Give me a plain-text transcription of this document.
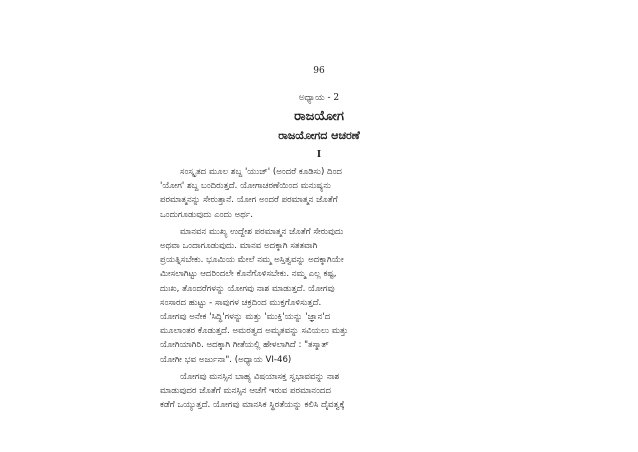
96
ಅಧ್ಯಾಯ - 2
ರಾಜಯೋಗ
ರಾಜಯೋಗದ ಆಚರಣೆ
I

ಸಂಸ್ಕೃತದ ಮೂಲ ಶಬ್ದ 'ಯುಜ್' (ಅಂದರೆ ಕೂಡಿಸು) ದಿಂದ
'ಯೋಗ' ಶಬ್ದ ಬಂದಿರುತ್ತದೆ. ಯೋಗಾಚರಣೆಯಿಂದ ಮನುಷ್ಯನು
ಪರಮಾತ್ಮನನ್ನು ಸೇರುತ್ತಾನೆ. ಯೋಗ ಅಂದರೆ ಪರಮಾತ್ಮನ ಜೊತೆಗೆ
ಒಂದುಗೂಡುವುದು ಎಂದು ಅರ್ಥ.

ಮಾನವನ ಮುಖ್ಯ ಉದ್ದೇಶ ಪರಮಾತ್ಮನ ಜೊತೆಗೆ ಸೇರುವುದು
ಅಥವಾ ಒಂದಾಗೂಡುವುದು. ಮಾನವ ಅದಕ್ಕಾಗಿ ಸತತವಾಗಿ
ಪ್ರಯತ್ನಿಸಬೇಕು. ಭೂಮಿಯ ಮೇಲೆ ನಮ್ಮ ಅಸ್ತಿತ್ವವನ್ನು ಅದಕ್ಕಾಗಿಯೇ
ಮೀಸಲಾಗಿಟ್ಟು ಆದರಿಂದಲೇ ಕೊನೆಗೊಳಿಸಬೇಕು. ನಮ್ಮ ಎಲ್ಲ ಕಷ್ಟ,
ದುಃಖ, ತೊಂದರೆಗಳನ್ನು ಯೋಗವು ನಾಶ ಮಾಡುತ್ತದೆ. ಯೋಗವು
ಸಂಸಾರದ ಹುಟ್ಟು - ಸಾವುಗಳ ಚಕ್ರದಿಂದ ಮುಕ್ತಗೊಳಿಸುತ್ತದೆ.
ಯೋಗವು ಅನೇಕ 'ಸಿದ್ಧಿ'ಗಳನ್ನು ಮತ್ತು 'ಮುಕ್ತಿ'ಯನ್ನು 'ಜ್ಞಾನ'ದ
ಮೂಲಾಂತರ ಕೊಡುತ್ತದೆ. ಅಮರತ್ವದ ಅಮೃತವನ್ನು ಸವಿಯಲು ಮತ್ತು
ಯೋಗಿಯಾಗಿರಿ. ಅದಕ್ಕಾಗಿ ಗೀತೆಯಲ್ಲಿ ಹೇಳಲಾಗಿದೆ : "ತಸ್ಮಾತ್
ಯೋಗೀ ಭವ ಅರ್ಜುನಾ". (ಅಧ್ಯಾಯ VI-46)

ಯೋಗವು ಮನಸ್ಸಿನ ಬಾಹ್ಯ ವಿಷಯಾಸಕ್ತ ಸ್ವಭಾವವನ್ನು ನಾಶ
ಮಾಡುವುದರ ಜೊತೆಗೆ ಮನಸ್ಸಿನ ಆಚೆಗೆ ಇರುವ ಪರಮಾನಂದದ
ಕಡೆಗೆ ಒಯ್ಯುತ್ತದೆ. ಯೋಗವು ಮಾನಸಿಕ ಸ್ಥಿರತೆಯನ್ನು ಕಲಿಸಿ ದೈವತ್ವಕ್ಕೆ
